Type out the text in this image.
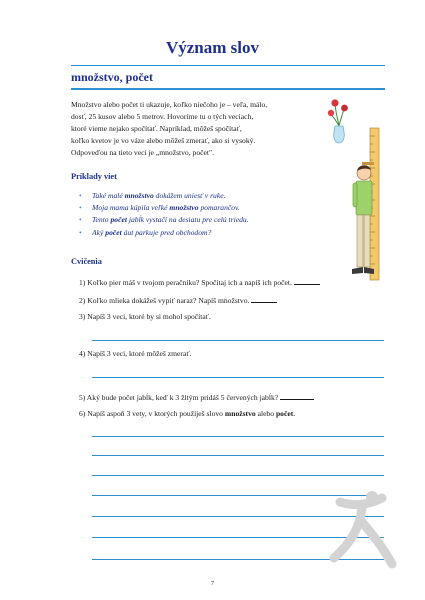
Význam slov
množstvo, počet
Množstvo alebo počet ti ukazuje, koľko niečoho je – veľa, málo,
dosť, 25 kusov alebo 5 metrov. Hovoríme tu o tých veciach,
ktoré vieme nejako spočítať. Napríklad, môžeš spočítať,
koľko kvetov je vo váze alebo môžeš zmerať, ako si vysoký.
Odpoveďou na tieto veci je „množstvo, počet".
Príklady viet
• Také malé množstvo dokážem uniesť v ruke.
• Moja mama kúpila veľké množstvo pomarančov.
• Tento počet jabĺk vystačí na desiatu pre celú triedu.
• Aký počet áut parkuje pred obchodom?
Cvičenia
1) Koľko pier máš v tvojom peračníku? Spočítaj ich a napíš ich počet.
2) Koľko mlieka dokážeš vypiť naraz? Napíš množstvo.
3) Napíš 3 veci, ktoré by si mohol spočítať.
4) Napíš 3 veci, ktoré môžeš zmerať.
5) Aký bude počet jabĺk, keď k 3 žltým pridáš 5 červených jabĺk?
6) Napíš aspoň 3 vety, v ktorých použiješ slovo množstvo alebo počet.
7
